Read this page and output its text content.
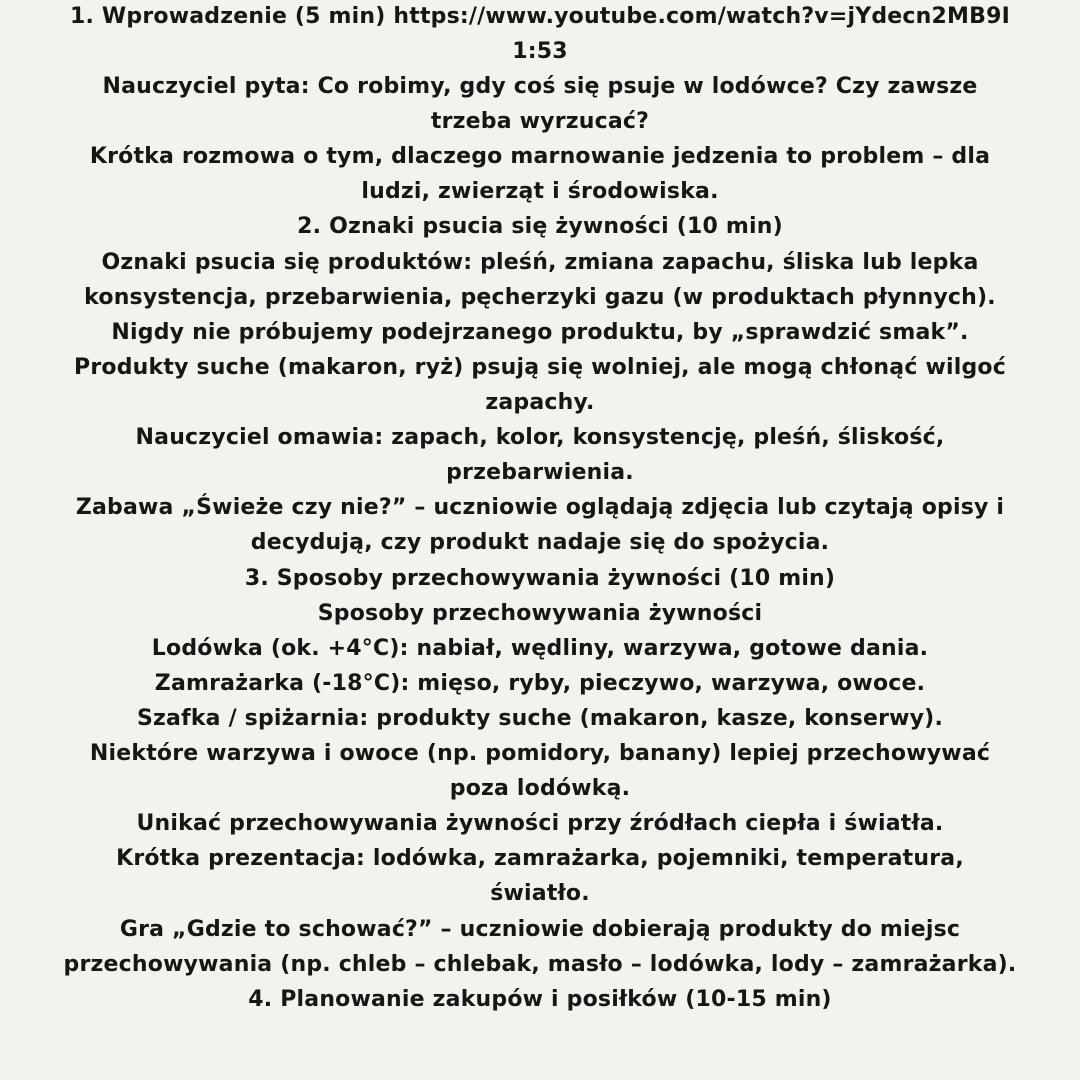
1. Wprowadzenie (5 min) https://www.youtube.com/watch?v=jYdecn2MB9I
1:53
Nauczyciel pyta: Co robimy, gdy coś się psuje w lodówce? Czy zawsze
trzeba wyrzucać?
Krótka rozmowa o tym, dlaczego marnowanie jedzenia to problem – dla
ludzi, zwierząt i środowiska.
2. Oznaki psucia się żywności (10 min)
Oznaki psucia się produktów: pleśń, zmiana zapachu, śliska lub lepka
konsystencja, przebarwienia, pęcherzyki gazu (w produktach płynnych).
Nigdy nie próbujemy podejrzanego produktu, by „sprawdzić smak”.
Produkty suche (makaron, ryż) psują się wolniej, ale mogą chłonąć wilgoć
zapachy.
Nauczyciel omawia: zapach, kolor, konsystencję, pleśń, śliskość,
przebarwienia.
Zabawa „Świeże czy nie?” – uczniowie oglądają zdjęcia lub czytają opisy i
decydują, czy produkt nadaje się do spożycia.
3. Sposoby przechowywania żywności (10 min)
Sposoby przechowywania żywności
Lodówka (ok. +4°C): nabiał, wędliny, warzywa, gotowe dania.
Zamrażarka (-18°C): mięso, ryby, pieczywo, warzywa, owoce.
Szafka / spiżarnia: produkty suche (makaron, kasze, konserwy).
Niektóre warzywa i owoce (np. pomidory, banany) lepiej przechowywać
poza lodówką.
Unikać przechowywania żywności przy źródłach ciepła i światła.
Krótka prezentacja: lodówka, zamrażarka, pojemniki, temperatura,
światło.
Gra „Gdzie to schować?” – uczniowie dobierają produkty do miejsc
przechowywania (np. chleb – chlebak, masło – lodówka, lody – zamrażarka).
4. Planowanie zakupów i posiłków (10-15 min)
